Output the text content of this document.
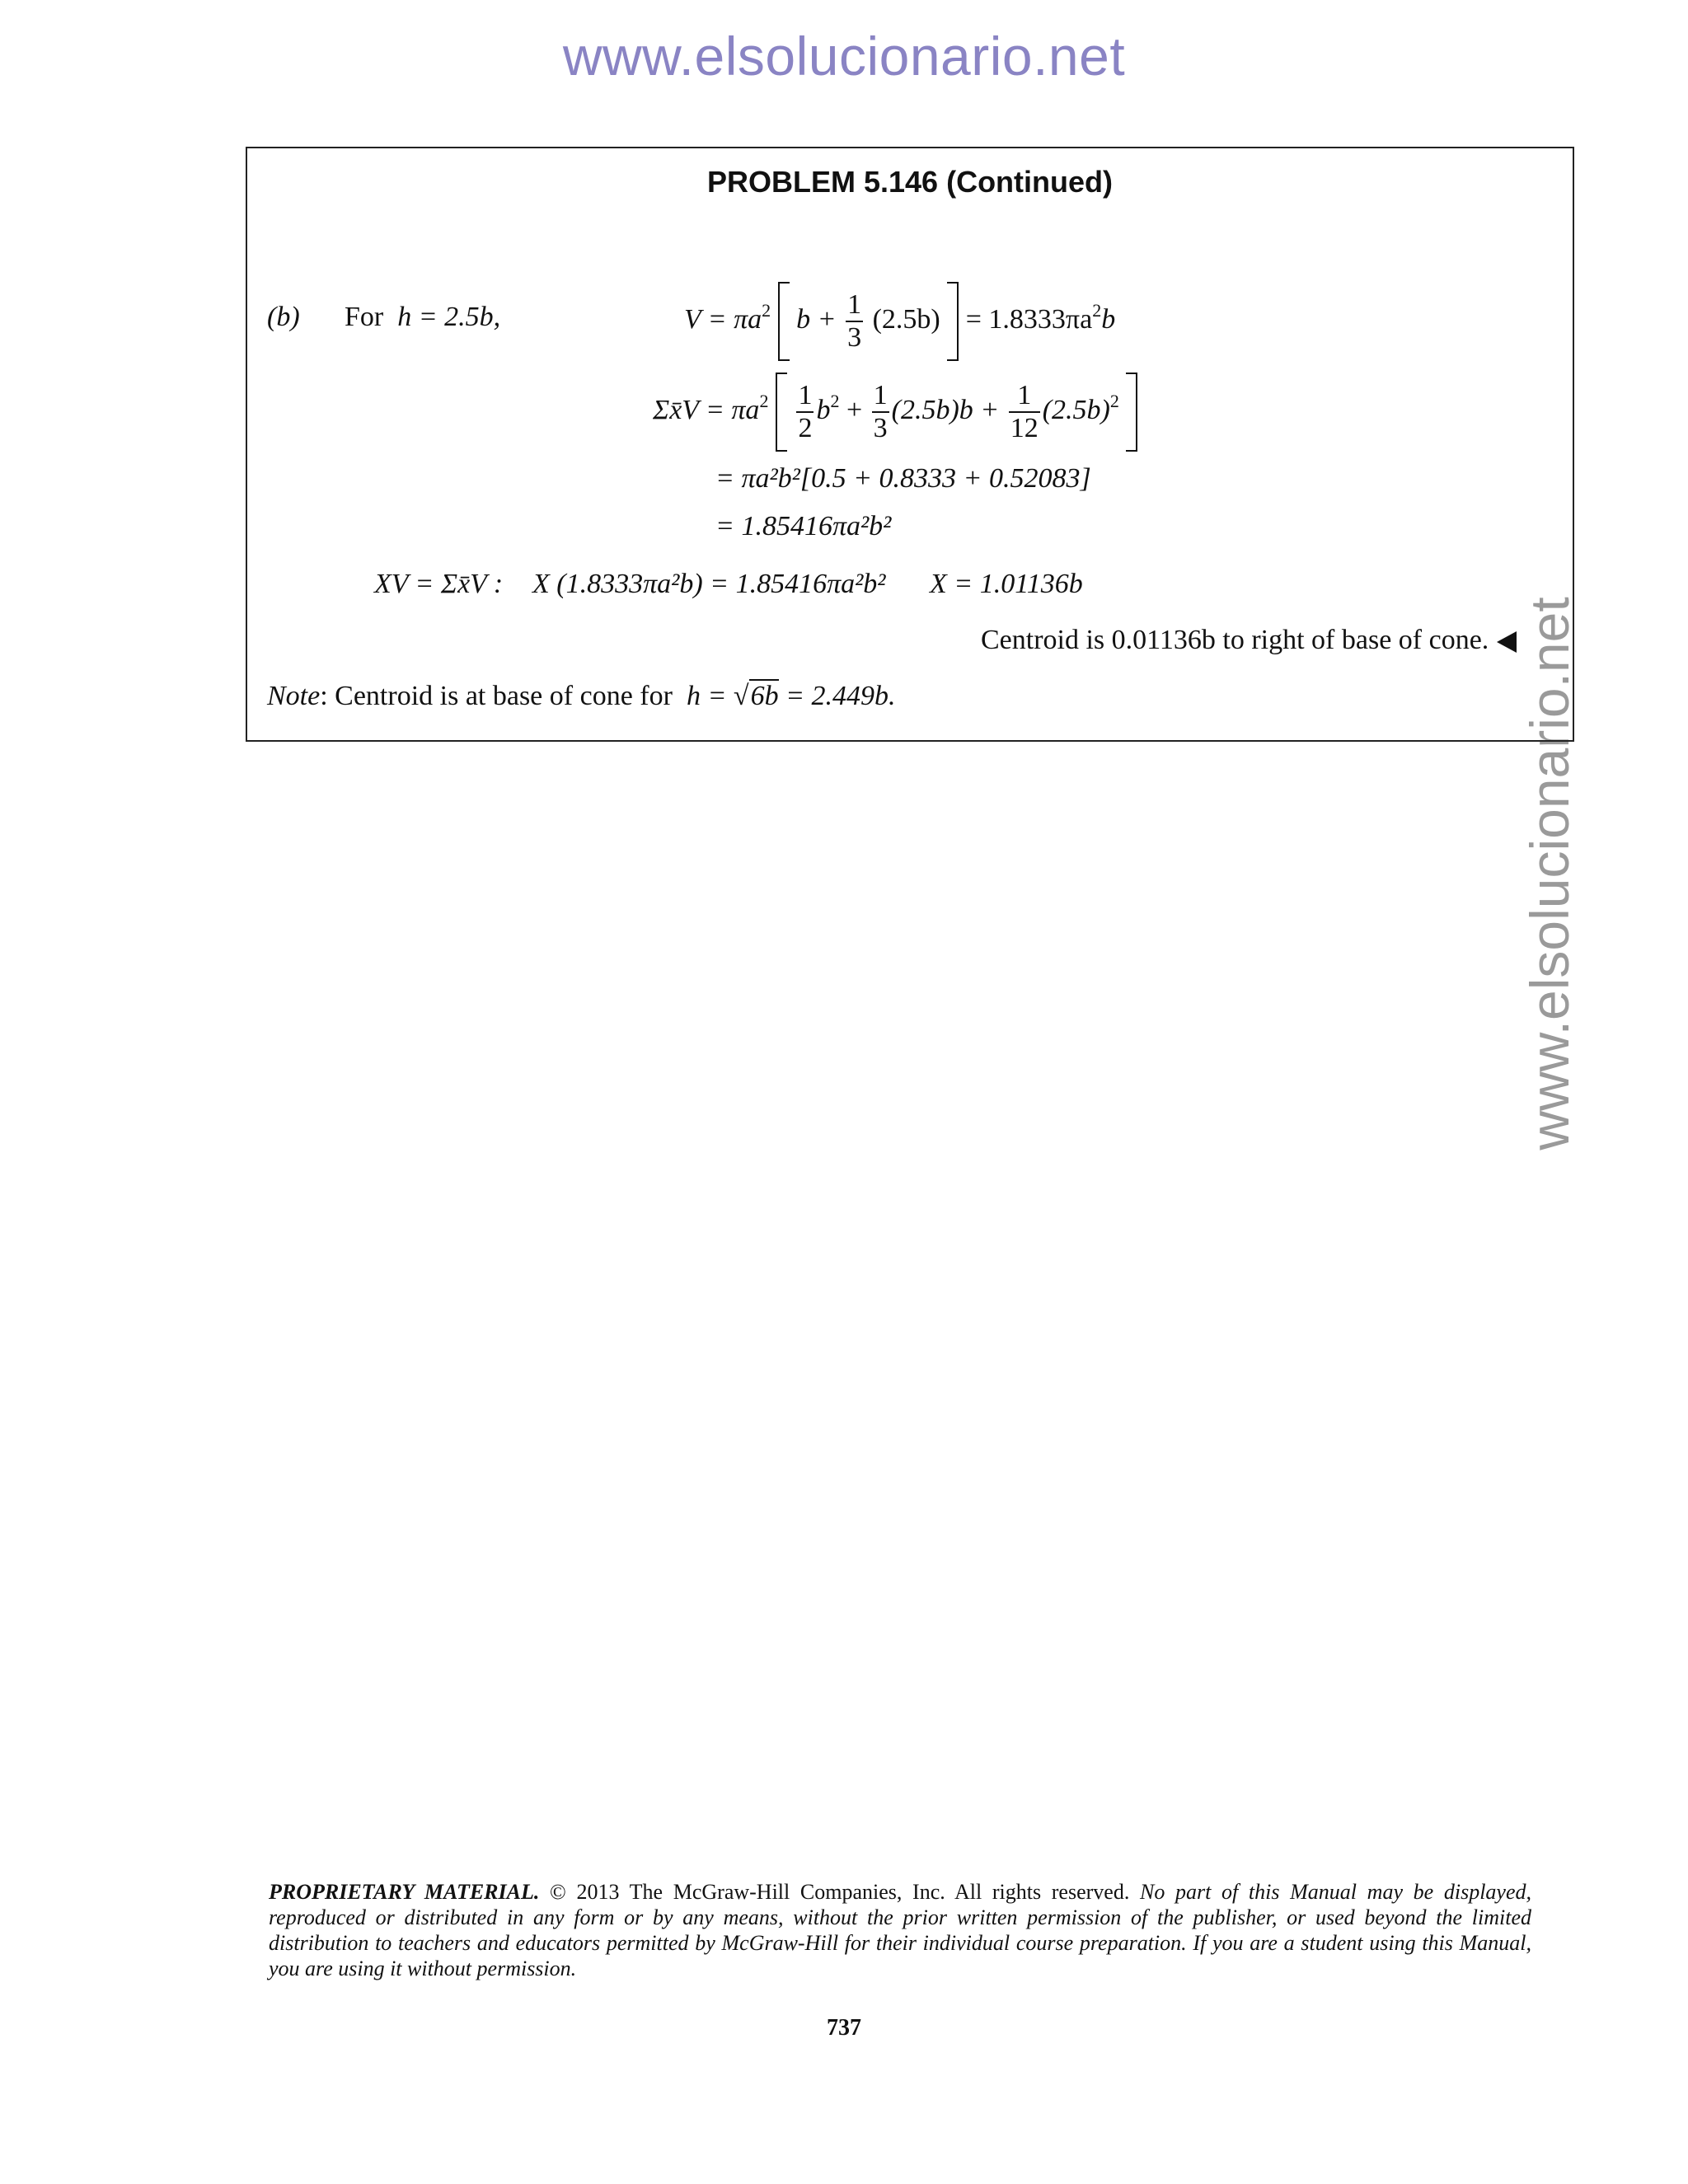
www.elsolucionario.net
www.elsolucionario.net
PROBLEM 5.146 (Continued)
(b) For h = 2.5b,	$V = \pi a^2$ $b + \frac{1}{3} (2.5b) = 1.8333\pi a^2b$
Σx̄V = $\pi a^2 \frac{1}{2} b^2 + \frac{1}{3} (2.5b)b + \frac{1}{12} (2.5b)^2$
= πa²b²[0.5 + 0.8333 + 0.52083]
= 1.85416πa²b²
XV = Σx̄V : X (1.8333πa²b) = 1.85416πa²b² X = 1.01136b
Centroid is 0.01136b to right of base of cone.
Note: Centroid is at base of cone for h = √6b = 2.449b.
PROPRIETARY MATERIAL. © 2013 The McGraw-Hill Companies, Inc. All rights reserved. No part of this Manual may be displayed, reproduced or distributed in any form or by any means, without the prior written permission of the publisher, or used beyond the limited distribution to teachers and educators permitted by McGraw-Hill for their individual course preparation. If you are a student using this Manual, you are using it without permission.
737
